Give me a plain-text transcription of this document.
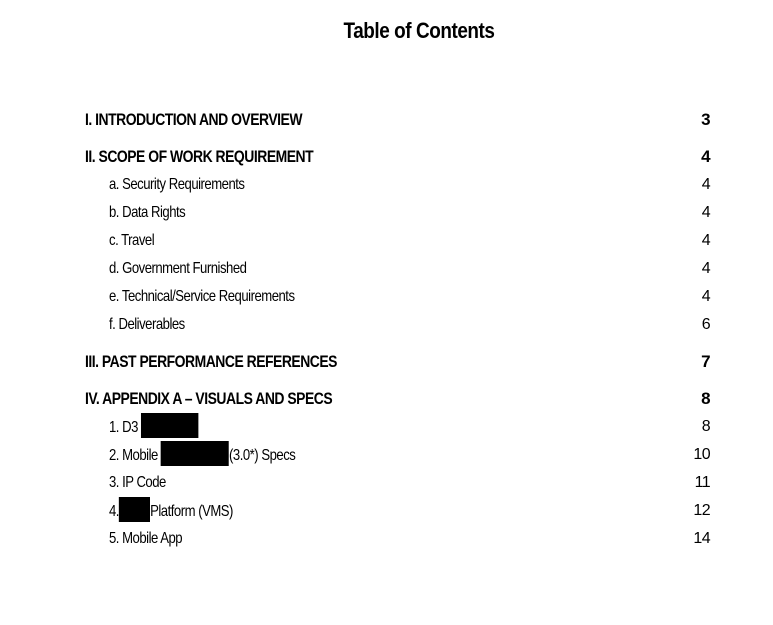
Table of Contents
I. INTRODUCTION AND OVERVIEW	3
II. SCOPE OF WORK REQUIREMENT	4
a. Security Requirements	4
b. Data Rights	4
c. Travel	4
d. Government Furnished	4
e. Technical/Service Requirements	4
f. Deliverables	6
III. PAST PERFORMANCE REFERENCES	7
IV. APPENDIX A – VISUALS AND SPECS	8
1. D3	8
2. Mobile	(3.0*) Specs	10
3. IP Code	11
4. Platform (VMS)	12
5. Mobile App	14
